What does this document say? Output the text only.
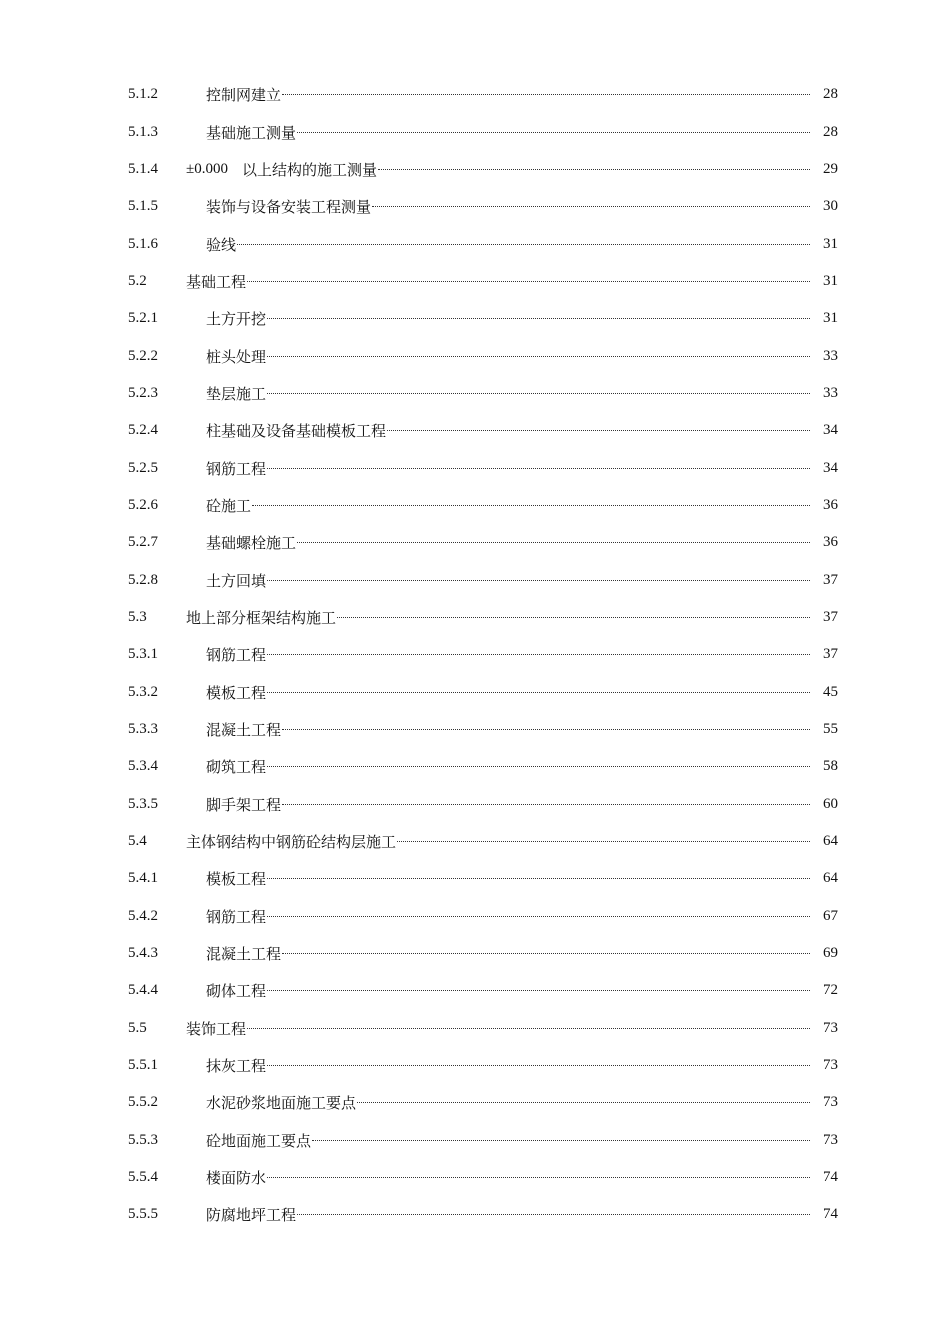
5.1.2	控制网建立	28
5.1.3	基础施工测量	28
5.1.4	±0.000 以上结构的施工测量	29
5.1.5	装饰与设备安装工程测量	30
5.1.6	验线	31
5.2	基础工程	31
5.2.1	土方开挖	31
5.2.2	桩头处理	33
5.2.3	垫层施工	33
5.2.4	柱基础及设备基础模板工程	34
5.2.5	钢筋工程	34
5.2.6	砼施工	36
5.2.7	基础螺栓施工	36
5.2.8	土方回填	37
5.3	地上部分框架结构施工	37
5.3.1	钢筋工程	37
5.3.2	模板工程	45
5.3.3	混凝土工程	55
5.3.4	砌筑工程	58
5.3.5	脚手架工程	60
5.4	主体钢结构中钢筋砼结构层施工	64
5.4.1	模板工程	64
5.4.2	钢筋工程	67
5.4.3	混凝土工程	69
5.4.4	砌体工程	72
5.5	装饰工程	73
5.5.1	抹灰工程	73
5.5.2	水泥砂浆地面施工要点	73
5.5.3	砼地面施工要点	73
5.5.4	楼面防水	74
5.5.5	防腐地坪工程	74
